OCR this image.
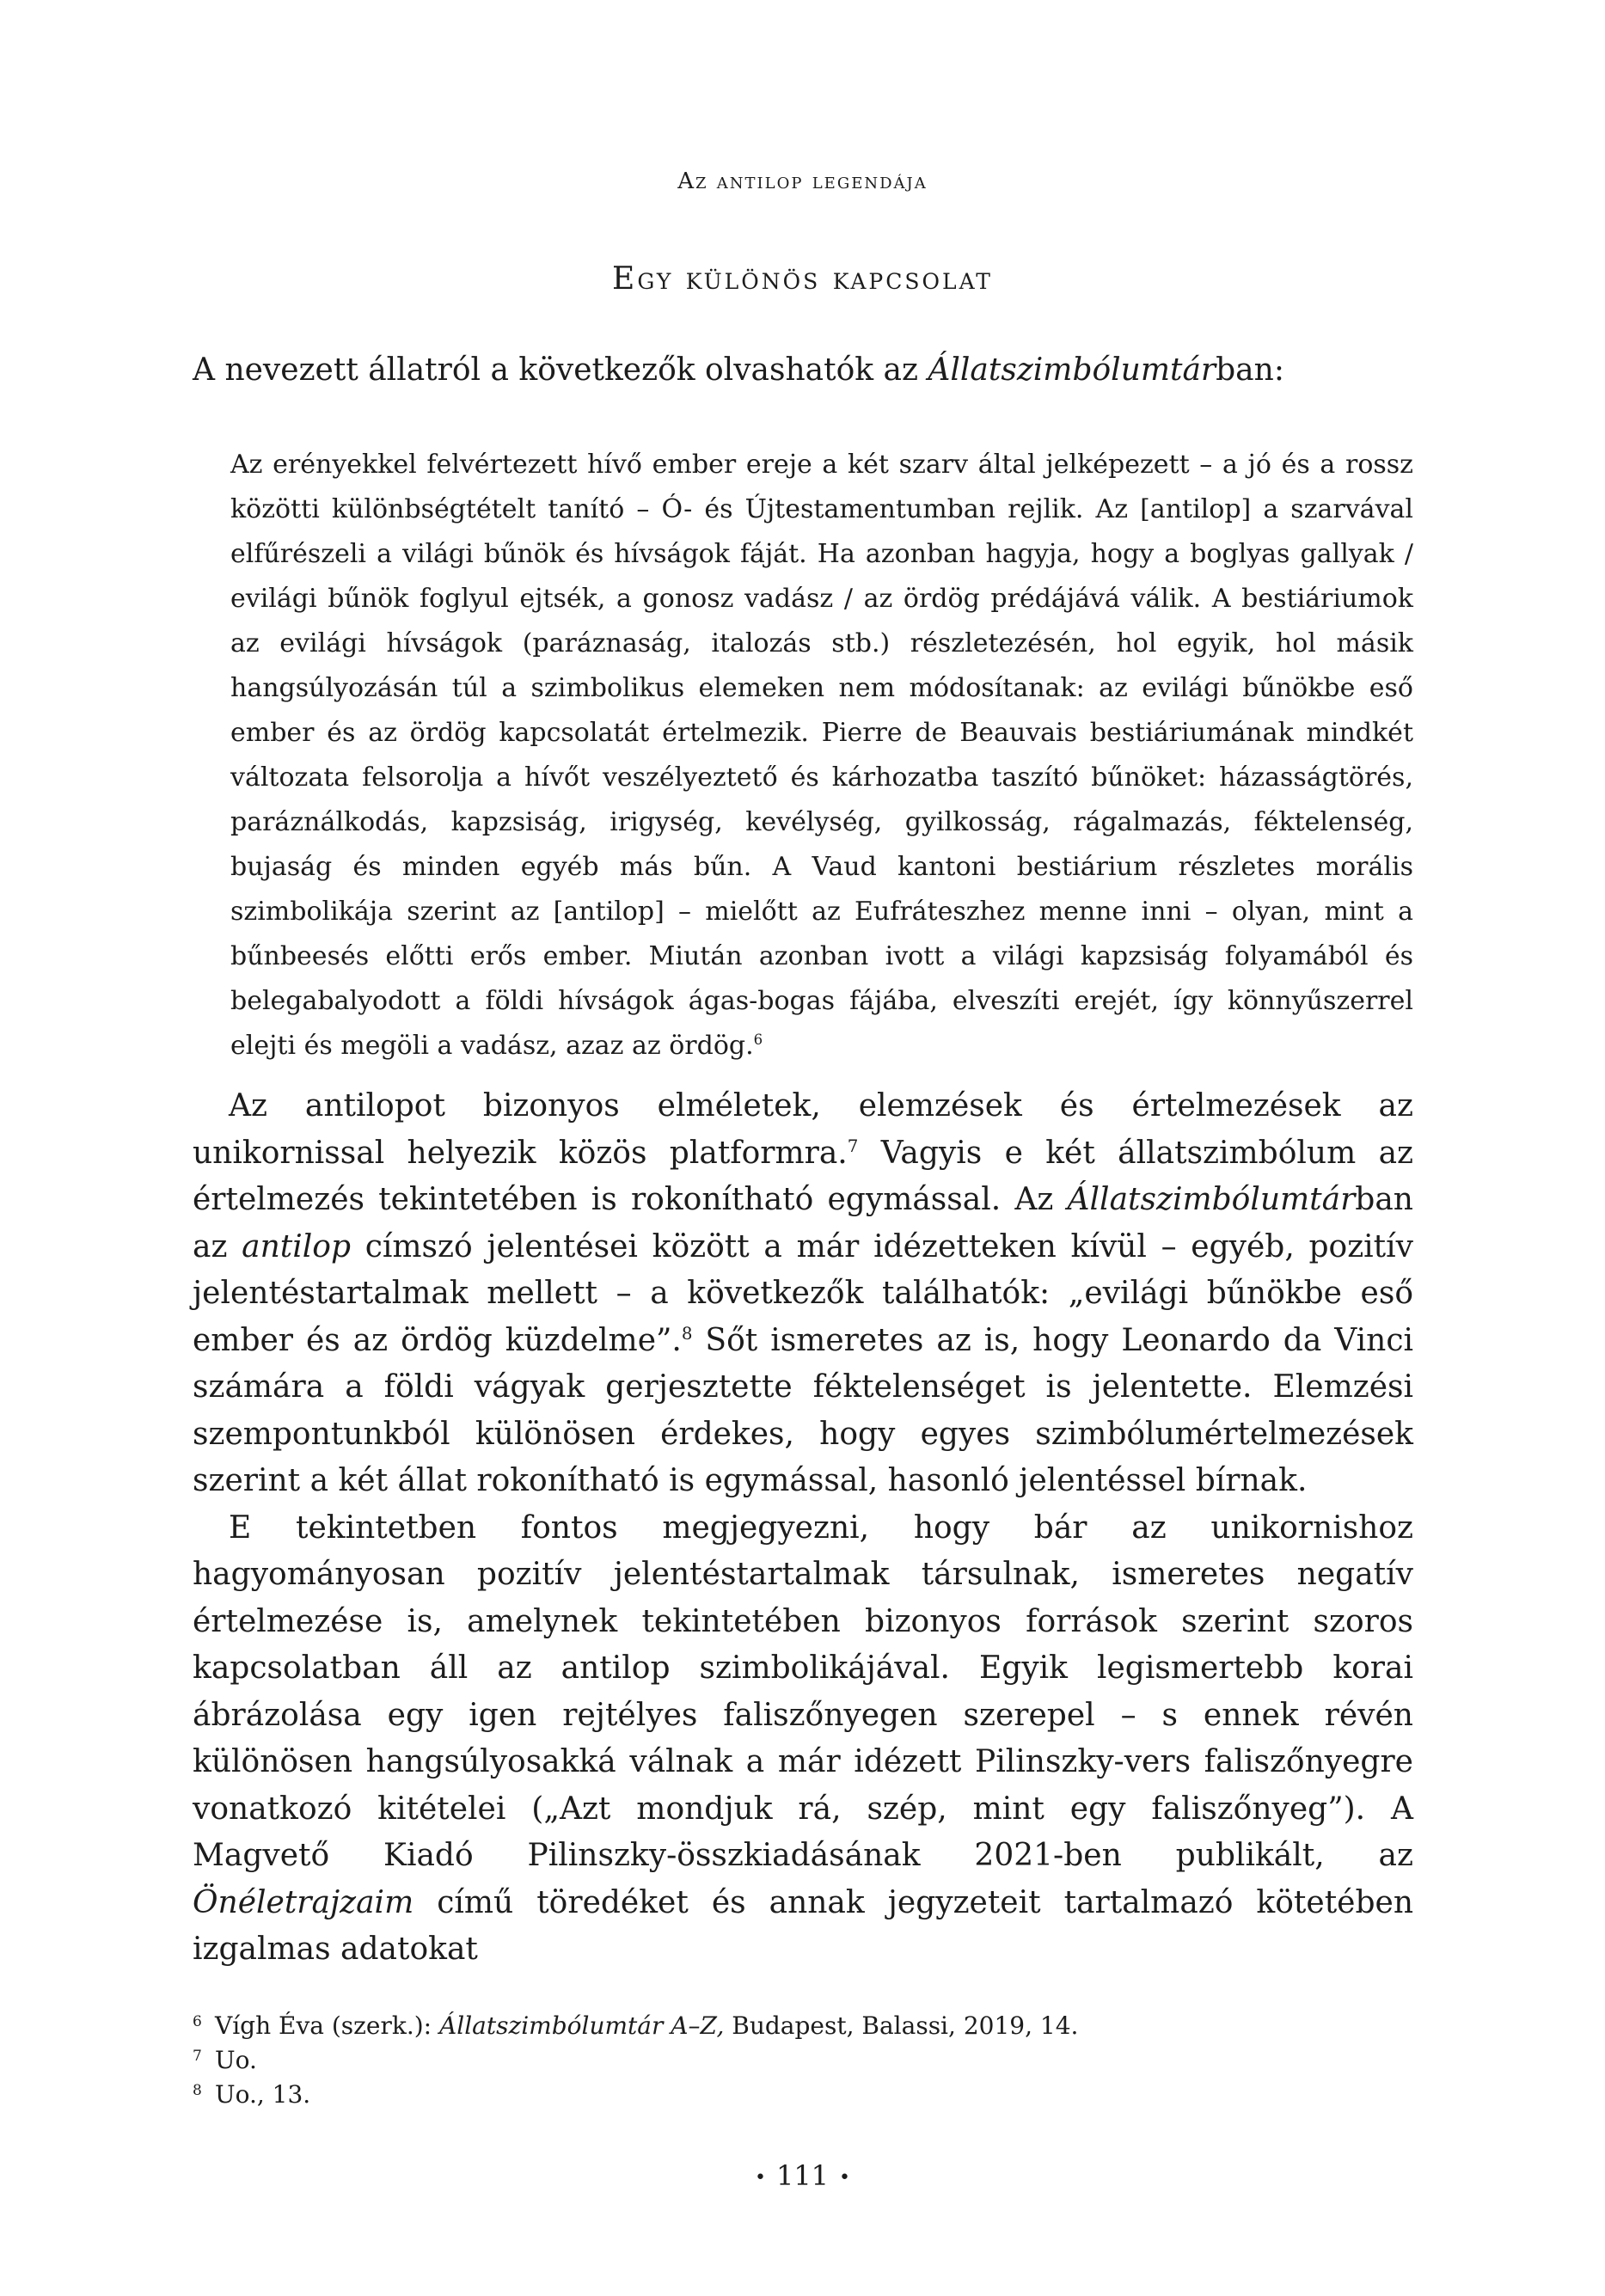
Az antilop legendája
Egy különös kapcsolat
A nevezett állatról a következők olvashatók az Állatszimbólumtárban:

Az erényekkel felvértezett hívő ember ereje a két szarv által jelképezett – a jó és a rossz közötti különbségtételt tanító – Ó- és Újtestamentumban rejlik. Az [antilop] a szarvával elfűrészeli a világi bűnök és hívságok fáját. Ha azonban hagyja, hogy a boglyas gallyak / evilági bűnök foglyul ejtsék, a gonosz vadász / az ördög prédájává válik. A bestiáriumok az evilági hívságok (paráznaság, italozás stb.) részletezésén, hol egyik, hol másik hangsúlyozásán túl a szimbolikus elemeken nem módosítanak: az evilági bűnökbe eső ember és az ördög kapcsolatát értelmezik. Pierre de Beauvais bestiáriumának mindkét változata felsorolja a hívőt veszélyeztető és kárhozatba taszító bűnöket: házasságtörés, paráználkodás, kapzsiság, irigység, kevélység, gyilkosság, rágalmazás, féktelenség, bujaság és minden egyéb más bűn. A Vaud kantoni bestiárium részletes morális szimbolikája szerint az [antilop] – mielőtt az Eufráteszhez menne inni – olyan, mint a bűnbeesés előtti erős ember. Miután azonban ivott a világi kapzsiság folyamából és belegabalyodott a földi hívságok ágas-bogas fájába, elveszíti erejét, így könnyűszerrel elejti és megöli a vadász, azaz az ördög.$^6$

Az antilopot bizonyos elméletek, elemzések és értelmezések az unikornissal helyezik közös platformra.$^7$ Vagyis e két állatszimbólum az értelmezés tekintetében is rokonítható egymással. Az Állatszimbólumtárban az antilop címszó jelentései között a már idézetteken kívül – egyéb, pozitív jelentéstartalmak mellett – a következők találhatók: „evilági bűnökbe eső ember és az ördög küzdelme”.$^8$ Sőt ismeretes az is, hogy Leonardo da Vinci számára a földi vágyak gerjesztette féktelenséget is jelentette. Elemzési szempontunkból különösen érdekes, hogy egyes szimbólumértelmezések szerint a két állat rokonítható is egymással, hasonló jelentéssel bírnak.

E tekintetben fontos megjegyezni, hogy bár az unikornishoz hagyományosan pozitív jelentéstartalmak társulnak, ismeretes negatív értelmezése is, amelynek tekintetében bizonyos források szerint szoros kapcsolatban áll az antilop szimbolikájával. Egyik legismertebb korai ábrázolása egy igen rejtélyes faliszőnyegen szerepel – s ennek révén különösen hangsúlyosakká válnak a már idézett Pilinszky-vers faliszőnyegre vonatkozó kitételei („Azt mondjuk rá, szép, mint egy faliszőnyeg”). A Magvető Kiadó Pilinszky-összkiadásának 2021-ben publikált, az Önéletrajzaim című töredéket és annak jegyzeteit tartalmazó kötetében izgalmas adatokat

6 Vígh Éva (szerk.): Állatszimbólumtár A–Z, Budapest, Balassi, 2019, 14.
7 Uo.
8 Uo., 13.
• 111 •
